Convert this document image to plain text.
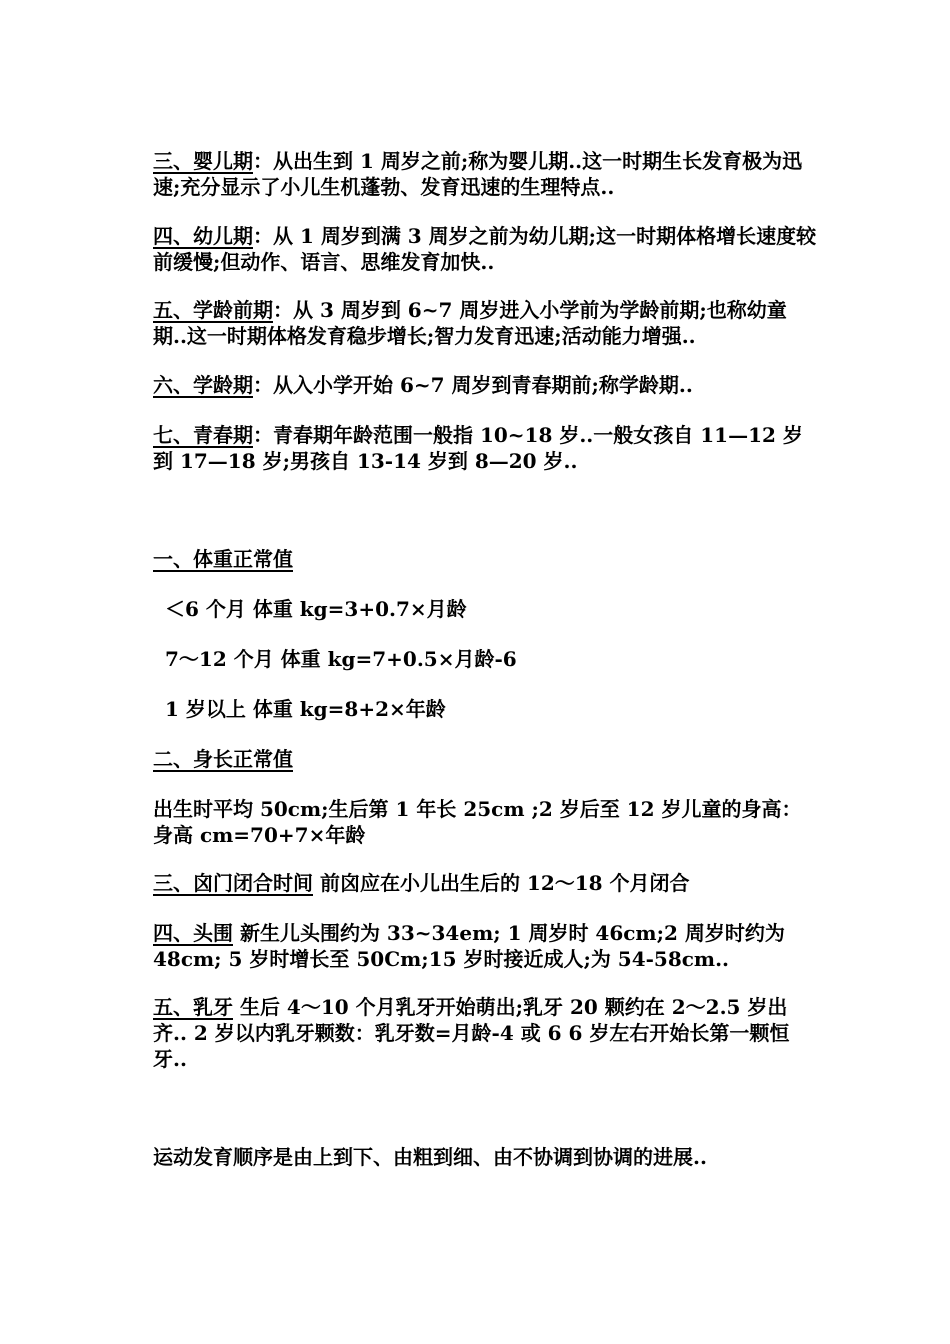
三、婴儿期：从出生到 1 周岁之前;称为婴儿期..这一时期生长发育极为迅速;充分显示了小儿生机蓬勃、发育迅速的生理特点..

四、幼儿期：从 1 周岁到满 3 周岁之前为幼儿期;这一时期体格增长速度较前缓慢;但动作、语言、思维发育加快..

五、学龄前期：从 3 周岁到 6~7 周岁进入小学前为学龄前期;也称幼童期..这一时期体格发育稳步增长;智力发育迅速;活动能力增强..

六、学龄期：从入小学开始 6~7 周岁到青春期前;称学龄期..

七、青春期：青春期年龄范围一般指 10~18 岁..一般女孩自 11—12 岁到 17—18 岁;男孩自 13-14 岁到 8—20 岁..

一、体重正常值

＜6 个月 体重 kg=3+0.7×月龄

7～12 个月 体重 kg=7+0.5×月龄-6

1 岁以上 体重 kg=8+2×年龄

二、身长正常值

出生时平均 50cm;生后第 1 年长 25cm ;2 岁后至 12 岁儿童的身高：身高 cm=70+7×年龄

三、囟门闭合时间 前囟应在小儿出生后的 12～18 个月闭合

四、头围 新生儿头围约为 33~34em; 1 周岁时 46cm;2 周岁时约为 48cm; 5 岁时增长至 50Cm;15 岁时接近成人;为 54-58cm..

五、乳牙 生后 4～10 个月乳牙开始萌出;乳牙 20 颗约在 2～2.5 岁出齐.. 2 岁以内乳牙颗数：乳牙数=月龄-4 或 6 6 岁左右开始长第一颗恒牙..

运动发育顺序是由上到下、由粗到细、由不协调到协调的进展..
